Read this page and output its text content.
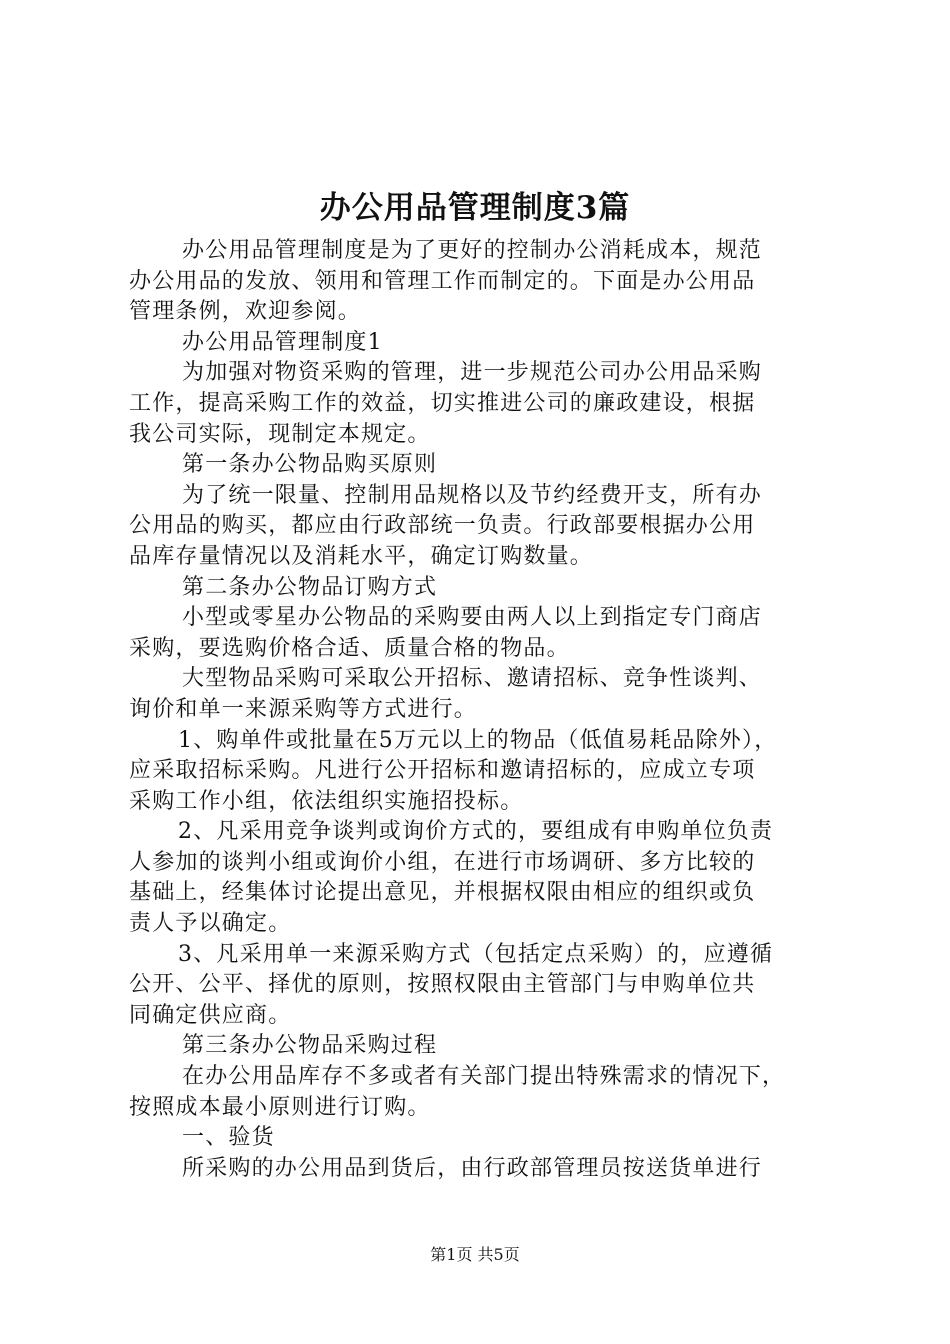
办公用品管理制度3篇
办公用品管理制度是为了更好的控制办公消耗成本，规范
办公用品的发放、领用和管理工作而制定的。下面是办公用品
管理条例，欢迎参阅。
办公用品管理制度1
为加强对物资采购的管理，进一步规范公司办公用品采购
工作，提高采购工作的效益，切实推进公司的廉政建设，根据
我公司实际，现制定本规定。
第一条办公物品购买原则
为了统一限量、控制用品规格以及节约经费开支，所有办
公用品的购买，都应由行政部统一负责。行政部要根据办公用
品库存量情况以及消耗水平，确定订购数量。
第二条办公物品订购方式
小型或零星办公物品的采购要由两人以上到指定专门商店
采购，要选购价格合适、质量合格的物品。
大型物品采购可采取公开招标、邀请招标、竞争性谈判、
询价和单一来源采购等方式进行。
1、购单件或批量在5万元以上的物品（低值易耗品除外），
应采取招标采购。凡进行公开招标和邀请招标的，应成立专项
采购工作小组，依法组织实施招投标。
2、凡采用竞争谈判或询价方式的，要组成有申购单位负责
人参加的谈判小组或询价小组，在进行市场调研、多方比较的
基础上，经集体讨论提出意见，并根据权限由相应的组织或负
责人予以确定。
3、凡采用单一来源采购方式（包括定点采购）的，应遵循
公开、公平、择优的原则，按照权限由主管部门与申购单位共
同确定供应商。
第三条办公物品采购过程
在办公用品库存不多或者有关部门提出特殊需求的情况下，
按照成本最小原则进行订购。
一、验货
所采购的办公用品到货后，由行政部管理员按送货单进行
第1页 共5页
